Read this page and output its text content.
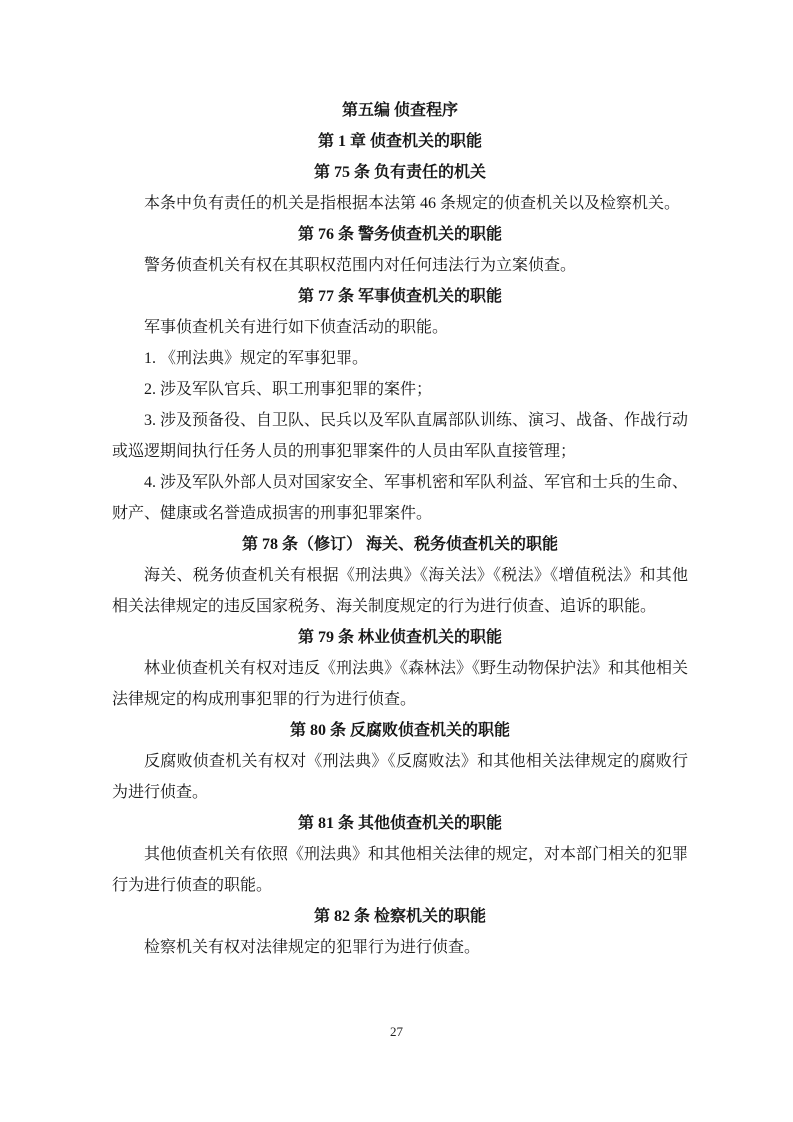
第五编 侦查程序

第 1 章 侦查机关的职能

第 75 条 负有责任的机关

本条中负有责任的机关是指根据本法第 46 条规定的侦查机关以及检察机关。

第 76 条 警务侦查机关的职能

警务侦查机关有权在其职权范围内对任何违法行为立案侦查。

第 77 条 军事侦查机关的职能

军事侦查机关有进行如下侦查活动的职能。

1. 《刑法典》规定的军事犯罪。

2. 涉及军队官兵、职工刑事犯罪的案件；

3. 涉及预备役、自卫队、民兵以及军队直属部队训练、演习、战备、作战行动或巡逻期间执行任务人员的刑事犯罪案件的人员由军队直接管理；

4. 涉及军队外部人员对国家安全、军事机密和军队利益、军官和士兵的生命、财产、健康或名誉造成损害的刑事犯罪案件。

第 78 条（修订） 海关、税务侦查机关的职能

海关、税务侦查机关有根据《刑法典》《海关法》《税法》《增值税法》和其他相关法律规定的违反国家税务、海关制度规定的行为进行侦查、追诉的职能。

第 79 条 林业侦查机关的职能

林业侦查机关有权对违反《刑法典》《森林法》《野生动物保护法》和其他相关法律规定的构成刑事犯罪的行为进行侦查。

第 80 条 反腐败侦查机关的职能

反腐败侦查机关有权对《刑法典》《反腐败法》和其他相关法律规定的腐败行为进行侦查。

第 81 条 其他侦查机关的职能

其他侦查机关有依照《刑法典》和其他相关法律的规定，对本部门相关的犯罪行为进行侦查的职能。

第 82 条 检察机关的职能

检察机关有权对法律规定的犯罪行为进行侦查。

27
